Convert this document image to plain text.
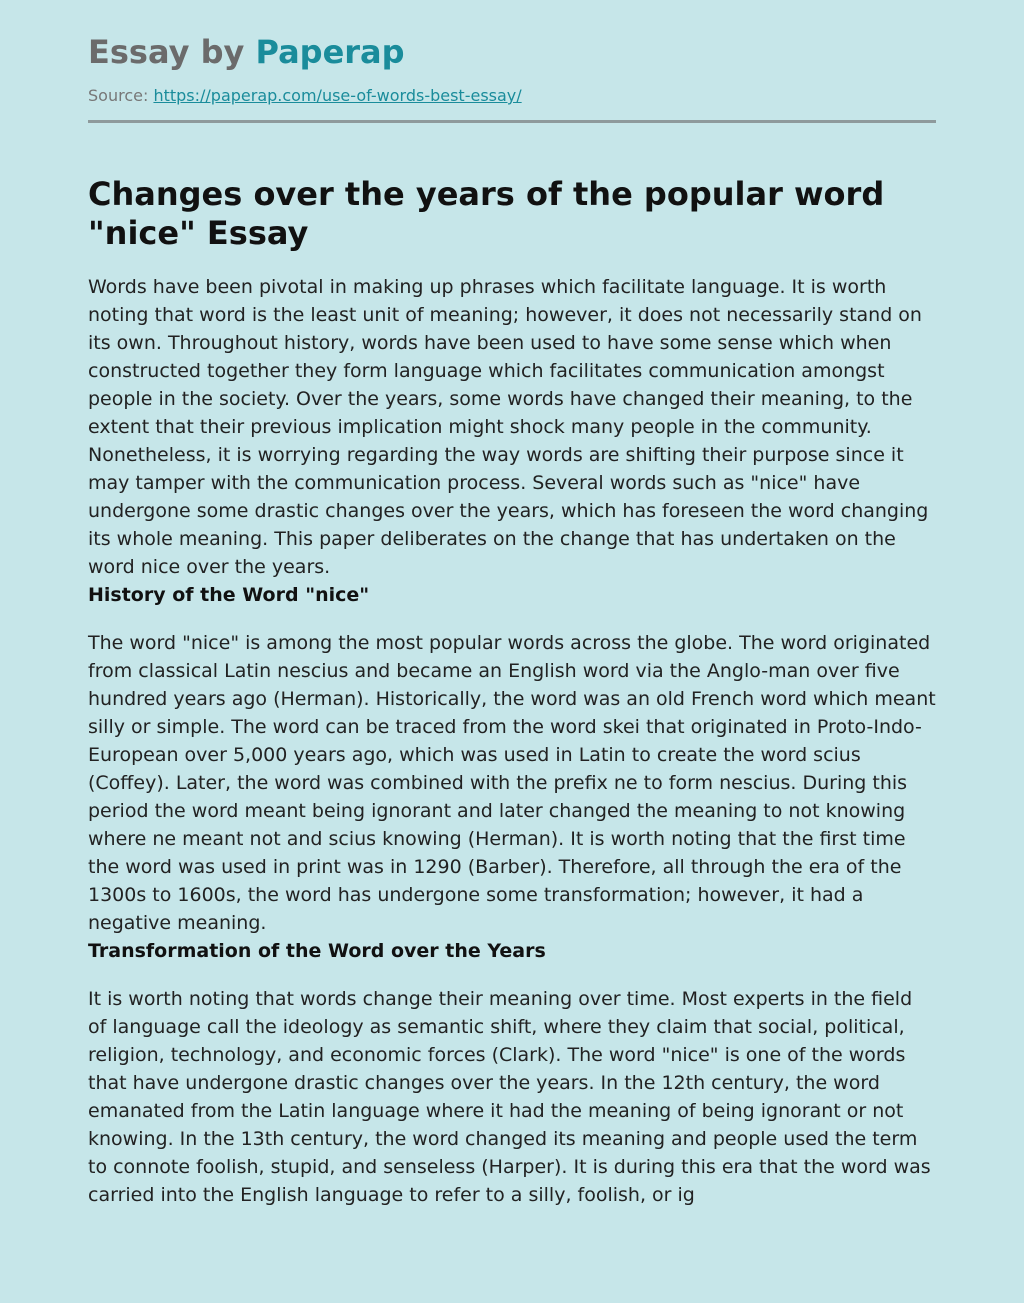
Essay by Paperap
Source: https://paperap.com/use-of-words-best-essay/
Changes over the years of the popular word "nice" Essay

Words have been pivotal in making up phrases which facilitate language. It is worth noting that word is the least unit of meaning; however, it does not necessarily stand on its own. Throughout history, words have been used to have some sense which when constructed together they form language which facilitates communication amongst people in the society. Over the years, some words have changed their meaning, to the extent that their previous implication might shock many people in the community. Nonetheless, it is worrying regarding the way words are shifting their purpose since it may tamper with the communication process. Several words such as "nice" have undergone some drastic changes over the years, which has foreseen the word changing its whole meaning. This paper deliberates on the change that has undertaken on the word nice over the years.

History of the Word "nice"

The word "nice" is among the most popular words across the globe. The word originated from classical Latin nescius and became an English word via the Anglo-man over five hundred years ago (Herman). Historically, the word was an old French word which meant silly or simple. The word can be traced from the word skei that originated in Proto-Indo-European over 5,000 years ago, which was used in Latin to create the word scius (Coffey). Later, the word was combined with the prefix ne to form nescius. During this period the word meant being ignorant and later changed the meaning to not knowing where ne meant not and scius knowing (Herman). It is worth noting that the first time the word was used in print was in 1290 (Barber). Therefore, all through the era of the 1300s to 1600s, the word has undergone some transformation; however, it had a negative meaning.

Transformation of the Word over the Years

It is worth noting that words change their meaning over time. Most experts in the field of language call the ideology as semantic shift, where they claim that social, political, religion, technology, and economic forces (Clark). The word "nice" is one of the words that have undergone drastic changes over the years. In the 12th century, the word emanated from the Latin language where it had the meaning of being ignorant or not knowing. In the 13th century, the word changed its meaning and people used the term to connote foolish, stupid, and senseless (Harper). It is during this era that the word was carried into the English language to refer to a silly, foolish, or ig
